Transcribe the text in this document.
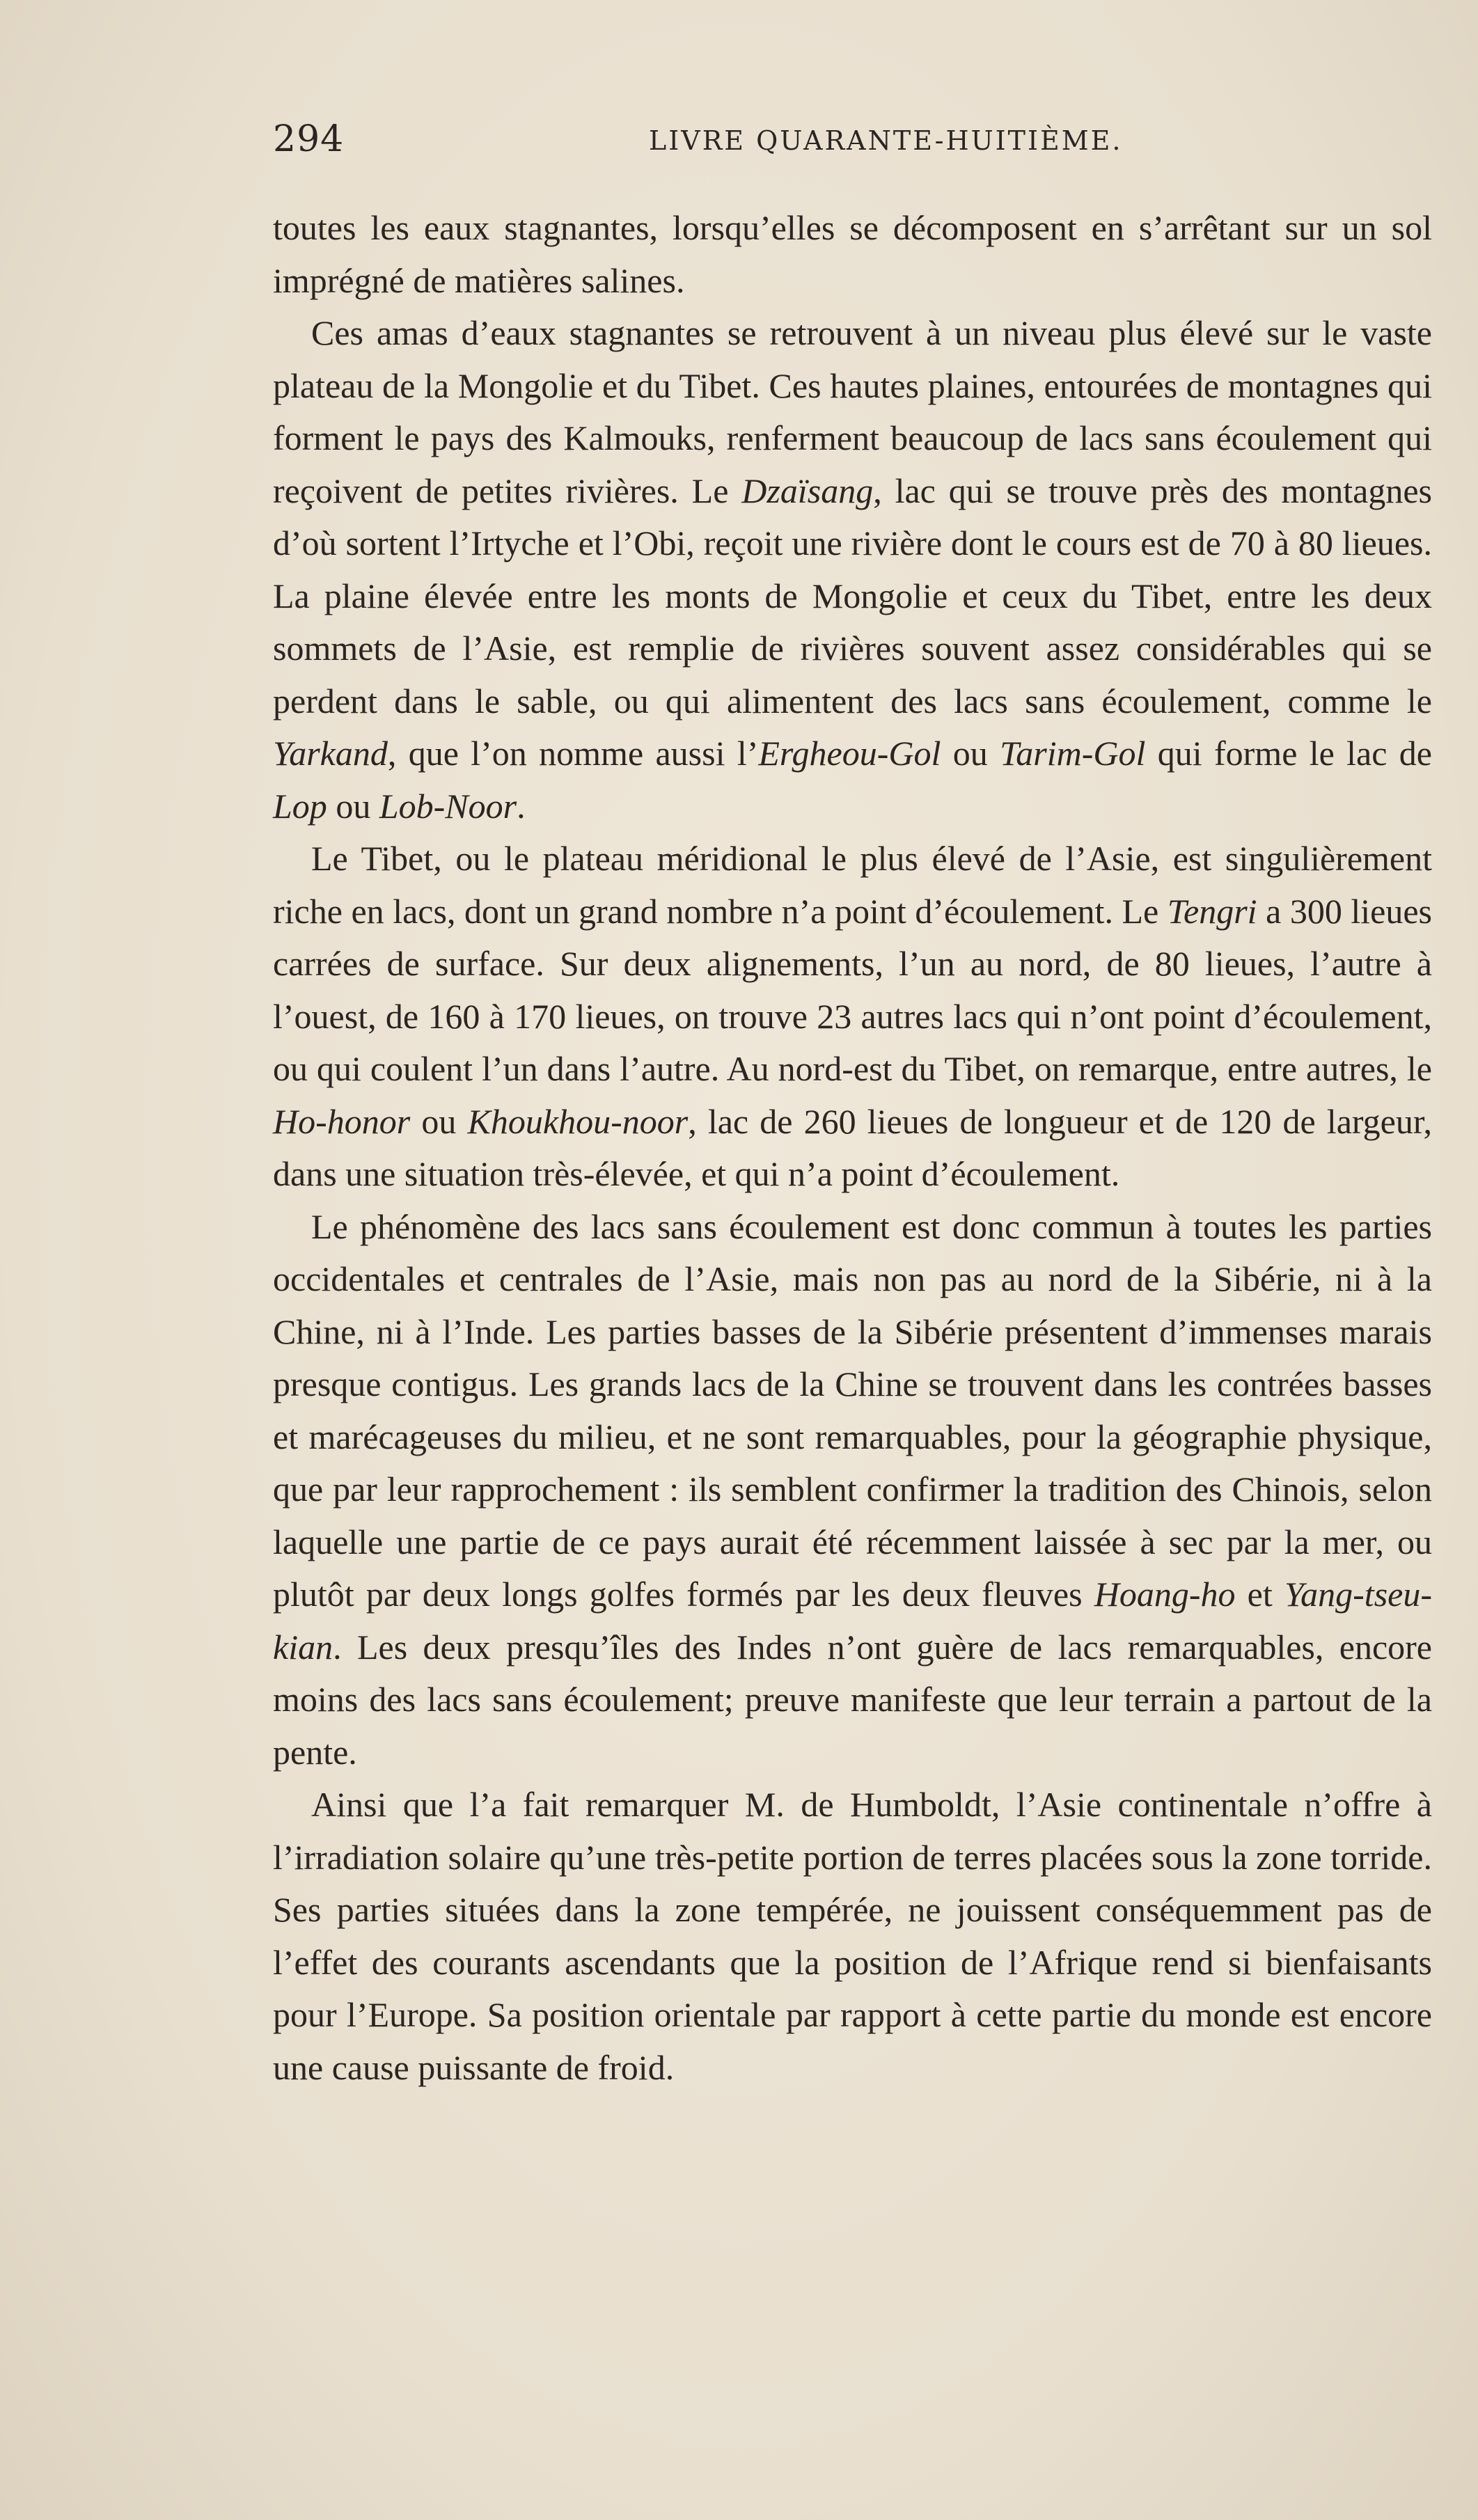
294	LIVRE QUARANTE-HUITIÈME.

toutes les eaux stagnantes, lorsqu’elles se décomposent en s’arrêtant sur un sol imprégné de matières salines.

Ces amas d’eaux stagnantes se retrouvent à un niveau plus élevé sur le vaste plateau de la Mongolie et du Tibet. Ces hautes plaines, entourées de montagnes qui forment le pays des Kalmouks, renferment beaucoup de lacs sans écoulement qui reçoivent de petites rivières. Le Dzaïsang, lac qui se trouve près des montagnes d’où sortent l’Irtyche et l’Obi, reçoit une rivière dont le cours est de 70 à 80 lieues. La plaine élevée entre les monts de Mongolie et ceux du Tibet, entre les deux sommets de l’Asie, est remplie de rivières souvent assez considérables qui se perdent dans le sable, ou qui alimentent des lacs sans écoulement, comme le Yarkand, que l’on nomme aussi l’Ergheou-Gol ou Tarim-Gol qui forme le lac de Lop ou Lob-Noor.

Le Tibet, ou le plateau méridional le plus élevé de l’Asie, est singulièrement riche en lacs, dont un grand nombre n’a point d’écoulement. Le Tengri a 300 lieues carrées de surface. Sur deux alignements, l’un au nord, de 80 lieues, l’autre à l’ouest, de 160 à 170 lieues, on trouve 23 autres lacs qui n’ont point d’écoulement, ou qui coulent l’un dans l’autre. Au nord-est du Tibet, on remarque, entre autres, le Ho-honor ou Khoukhou-noor, lac de 260 lieues de longueur et de 120 de largeur, dans une situation très-élevée, et qui n’a point d’écoulement.

Le phénomène des lacs sans écoulement est donc commun à toutes les parties occidentales et centrales de l’Asie, mais non pas au nord de la Sibérie, ni à la Chine, ni à l’Inde. Les parties basses de la Sibérie présentent d’immenses marais presque contigus. Les grands lacs de la Chine se trouvent dans les contrées basses et marécageuses du milieu, et ne sont remarquables, pour la géographie physique, que par leur rapprochement : ils semblent confirmer la tradition des Chinois, selon laquelle une partie de ce pays aurait été récemment laissée à sec par la mer, ou plutôt par deux longs golfes formés par les deux fleuves Hoang-ho et Yang-tseu-kian. Les deux presqu’îles des Indes n’ont guère de lacs remarquables, encore moins des lacs sans écoulement; preuve manifeste que leur terrain a partout de la pente.

Ainsi que l’a fait remarquer M. de Humboldt, l’Asie continentale n’offre à l’irradiation solaire qu’une très-petite portion de terres placées sous la zone torride. Ses parties situées dans la zone tempérée, ne jouissent conséquemment pas de l’effet des courants ascendants que la position de l’Afrique rend si bienfaisants pour l’Europe. Sa position orientale par rapport à cette partie du monde est encore une cause puissante de froid.
